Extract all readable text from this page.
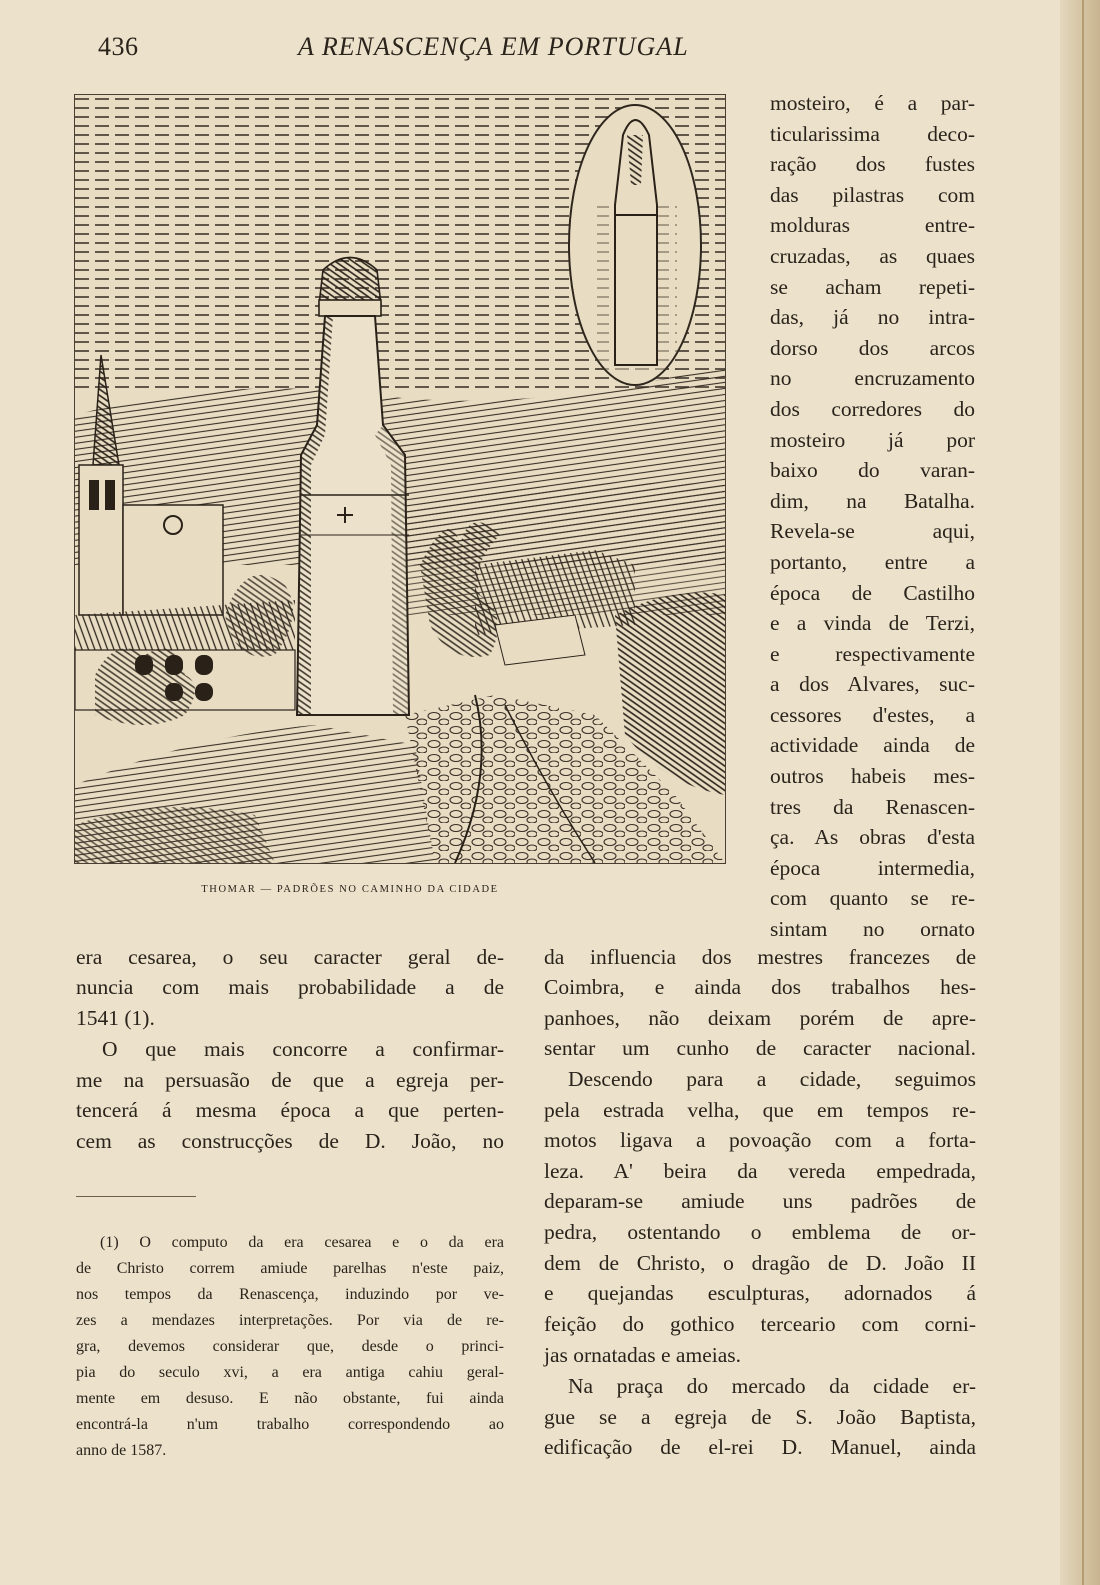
436	A RENASCENÇA EM PORTUGAL
THOMAR — PADRÕES NO CAMINHO DA CIDADE
mosteiro, é a par-
ticularissima deco-
ração dos fustes
das pilastras com
molduras entre-
cruzadas, as quaes
se acham repeti-
das, já no intra-
dorso dos arcos
no encruzamento
dos corredores do
mosteiro já por
baixo do varan-
dim, na Batalha.
Revela-se aqui,
portanto, entre a
época de Castilho
e a vinda de Terzi,
e respectivamente
a dos Alvares, suc-
cessores d'estes, a
actividade ainda de
outros habeis mes-
tres da Renascen-
ça. As obras d'esta
época intermedia,
com quanto se re-
sintam no ornato
da influencia dos mestres francezes de
Coimbra, e ainda dos trabalhos hes-
panhoes, não deixam porém de apre-
sentar um cunho de caracter nacional.
Descendo para a cidade, seguimos
pela estrada velha, que em tempos re-
motos ligava a povoação com a forta-
leza. A' beira da vereda empedrada,
deparam-se amiude uns padrões de
pedra, ostentando o emblema de or-
dem de Christo, o dragão de D. João II
e quejandas esculpturas, adornados á
feição do gothico terceario com corni-
jas ornatadas e ameias.
Na praça do mercado da cidade er-
gue se a egreja de S. João Baptista,
edificação de el-rei D. Manuel, ainda
era cesarea, o seu caracter geral de-
nuncia com mais probabilidade a de
1541 (1).
O que mais concorre a confirmar-
me na persuasão de que a egreja per-
tencerá á mesma época a que perten-
cem as construcções de D. João, no
(1) O computo da era cesarea e o da era
de Christo correm amiude parelhas n'este paiz,
nos tempos da Renascença, induzindo por ve-
zes a mendazes interpretações. Por via de re-
gra, devemos considerar que, desde o princi-
pia do seculo xvi, a era antiga cahiu geral-
mente em desuso. E não obstante, fui ainda
encontrá-la n'um trabalho correspondendo ao
anno de 1587.
